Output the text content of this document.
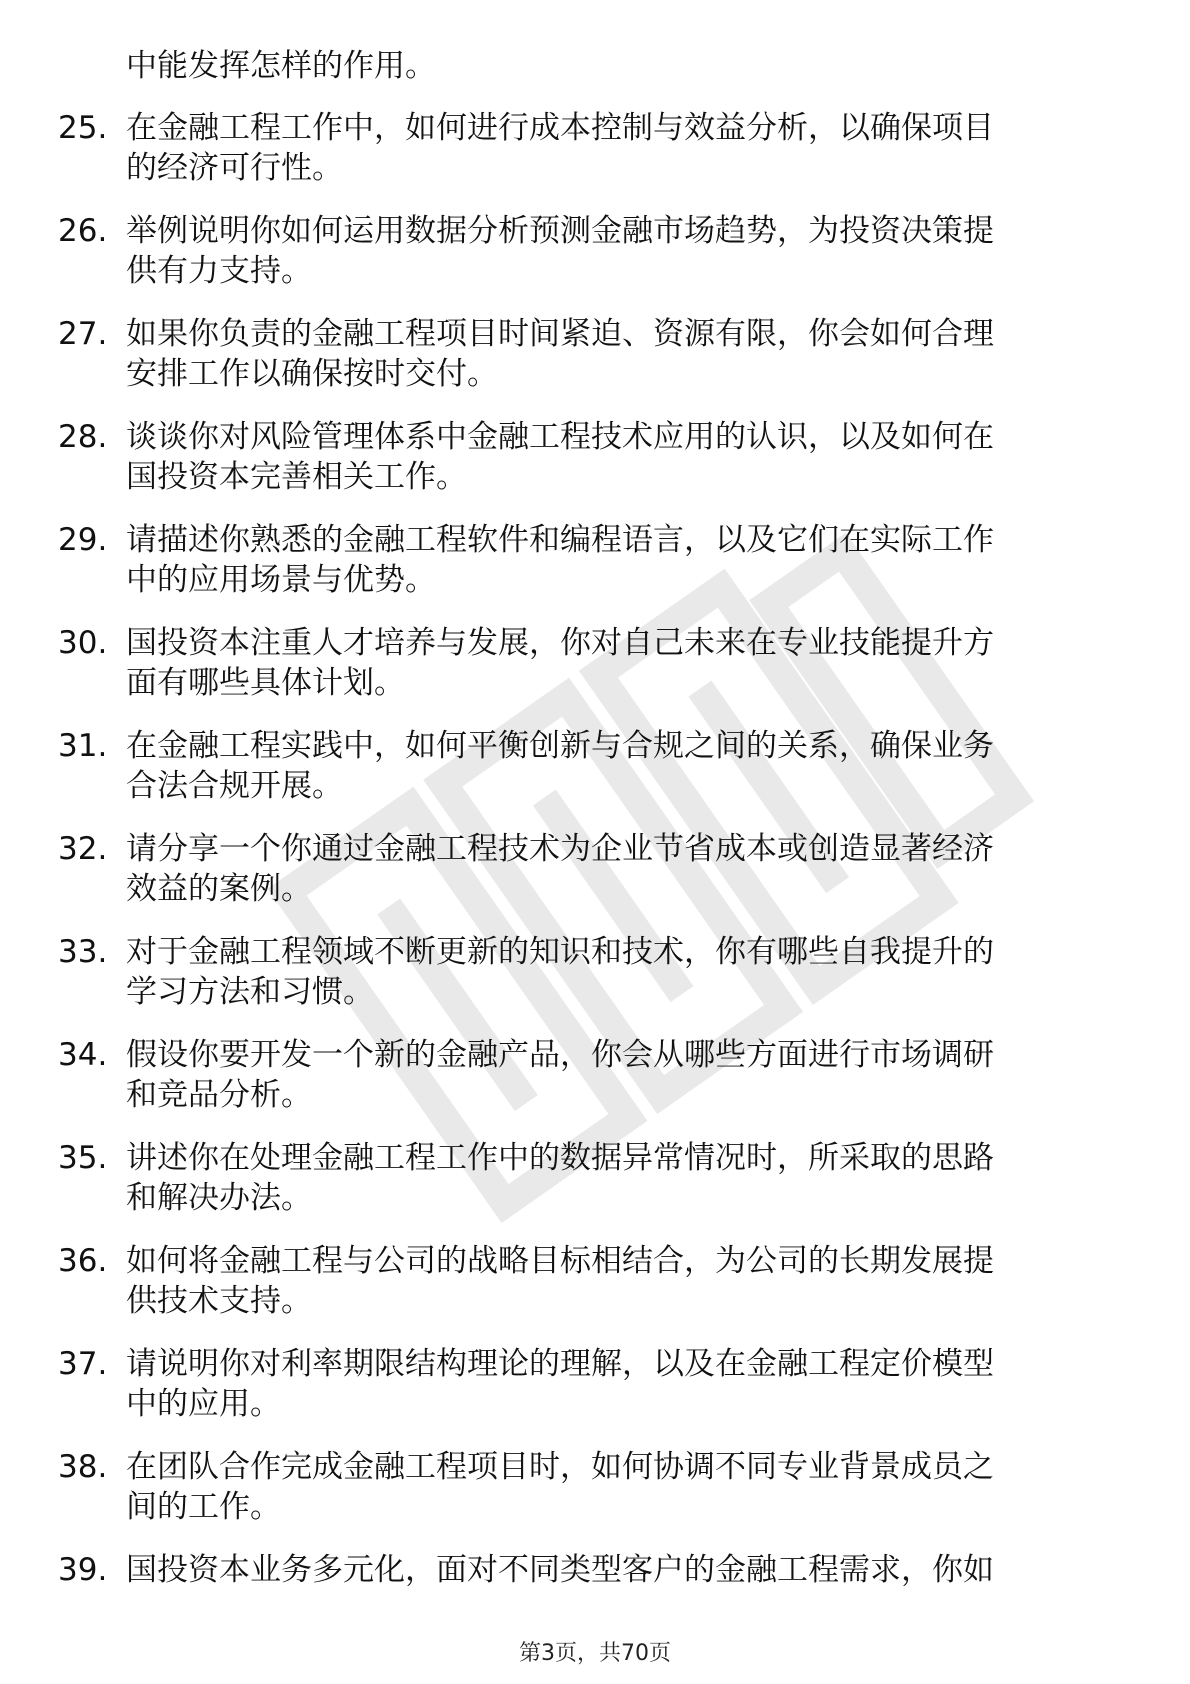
中能发挥怎样的作用。
25. 在金融工程工作中，如何进行成本控制与效益分析，以确保项目
的经济可行性。
26. 举例说明你如何运用数据分析预测金融市场趋势，为投资决策提
供有力支持。
27. 如果你负责的金融工程项目时间紧迫、资源有限，你会如何合理
安排工作以确保按时交付。
28. 谈谈你对风险管理体系中金融工程技术应用的认识，以及如何在
国投资本完善相关工作。
29. 请描述你熟悉的金融工程软件和编程语言，以及它们在实际工作
中的应用场景与优势。
30. 国投资本注重人才培养与发展，你对自己未来在专业技能提升方
面有哪些具体计划。
31. 在金融工程实践中，如何平衡创新与合规之间的关系，确保业务
合法合规开展。
32. 请分享一个你通过金融工程技术为企业节省成本或创造显著经济
效益的案例。
33. 对于金融工程领域不断更新的知识和技术，你有哪些自我提升的
学习方法和习惯。
34. 假设你要开发一个新的金融产品，你会从哪些方面进行市场调研
和竞品分析。
35. 讲述你在处理金融工程工作中的数据异常情况时，所采取的思路
和解决办法。
36. 如何将金融工程与公司的战略目标相结合，为公司的长期发展提
供技术支持。
37. 请说明你对利率期限结构理论的理解，以及在金融工程定价模型
中的应用。
38. 在团队合作完成金融工程项目时，如何协调不同专业背景成员之
间的工作。
39. 国投资本业务多元化，面对不同类型客户的金融工程需求，你如
第3页，共70页
